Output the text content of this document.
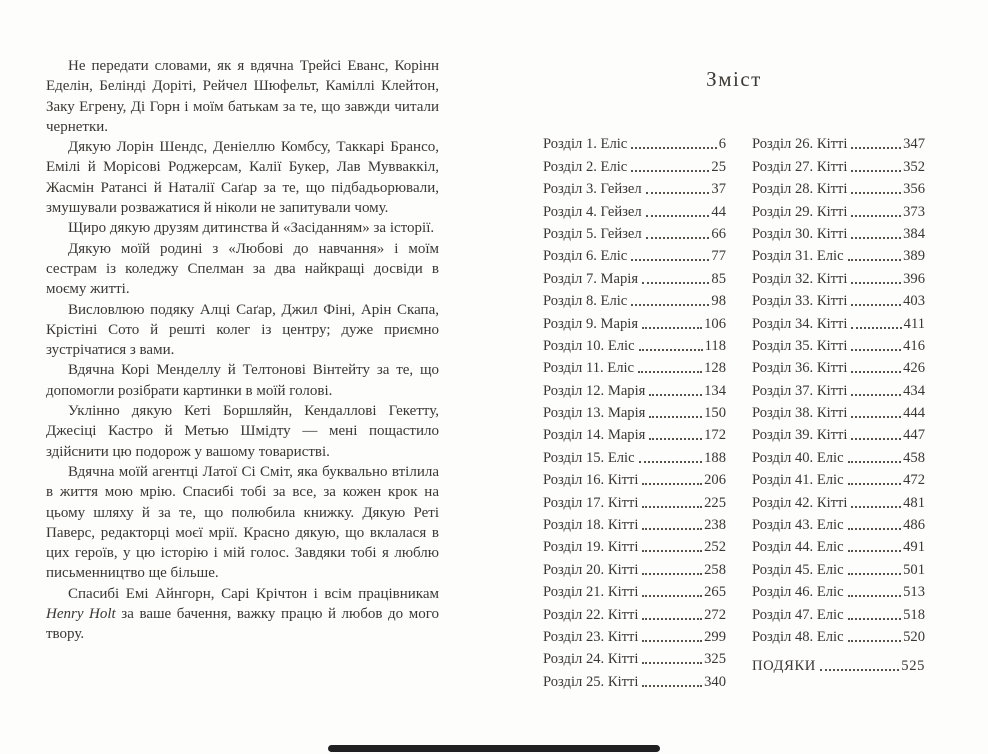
Не передати словами, як я вдячна Трейсі Еванс, Корінн Еделін, Белінді Доріті, Рейчел Шюфельт, Каміллі Клейтон, Заку Егрену, Ді Горн і моїм батькам за те, що завжди читали чернетки.

Дякую Лорін Шендс, Деніеллю Комбсу, Таккарі Брансо, Емілі й Морісові Роджерсам, Калії Букер, Лав Мувваккіл, Жасмін Ратансі й Наталії Саґар за те, що підбадьорювали, змушували розважатися й ніколи не запитували чому.

Щиро дякую друзям дитинства й «Засіданням» за історії.

Дякую моїй родині з «Любові до навчання» і моїм сестрам із коледжу Спелман за два найкращі досвіди в моєму житті.

Висловлюю подяку Алці Саґар, Джил Фіні, Арін Скапа, Крістіні Сото й решті колег із центру; дуже приємно зустрічатися з вами.

Вдячна Корі Менделлу й Телтонові Вінтейту за те, що допомогли розібрати картинки в моїй голові.

Уклінно дякую Кеті Боршляйн, Кендаллові Гекетту, Джесіці Кастро й Метью Шмідту — мені пощастило здійснити цю подорож у вашому товаристві.

Вдячна моїй агентці Латої Сі Сміт, яка буквально втілила в життя мою мрію. Спасибі тобі за все, за кожен крок на цьому шляху й за те, що полюбила книжку. Дякую Реті Паверс, редакторці моєї мрії. Красно дякую, що вклалася в цих героїв, у цю історію і мій голос. Завдяки тобі я люблю письменництво ще більше.

Спасибі Емі Айнгорн, Сарі Крічтон і всім працівникам Henry Holt за ваше бачення, важку працю й любов до мого твору.

Зміст
Розділ 1. Еліс	6
Розділ 2. Еліс	25
Розділ 3. Гейзел	37
Розділ 4. Гейзел	44
Розділ 5. Гейзел	66
Розділ 6. Еліс	77
Розділ 7. Марія	85
Розділ 8. Еліс	98
Розділ 9. Марія	106
Розділ 10. Еліс	118
Розділ 11. Еліс	128
Розділ 12. Марія	134
Розділ 13. Марія	150
Розділ 14. Марія	172
Розділ 15. Еліс	188
Розділ 16. Кітті	206
Розділ 17. Кітті	225
Розділ 18. Кітті	238
Розділ 19. Кітті	252
Розділ 20. Кітті	258
Розділ 21. Кітті	265
Розділ 22. Кітті	272
Розділ 23. Кітті	299
Розділ 24. Кітті	325
Розділ 25. Кітті	340
Розділ 26. Кітті	347
Розділ 27. Кітті	352
Розділ 28. Кітті	356
Розділ 29. Кітті	373
Розділ 30. Кітті	384
Розділ 31. Еліс	389
Розділ 32. Кітті	396
Розділ 33. Кітті	403
Розділ 34. Кітті	411
Розділ 35. Кітті	416
Розділ 36. Кітті	426
Розділ 37. Кітті	434
Розділ 38. Кітті	444
Розділ 39. Кітті	447
Розділ 40. Еліс	458
Розділ 41. Еліс	472
Розділ 42. Кітті	481
Розділ 43. Еліс	486
Розділ 44. Еліс	491
Розділ 45. Еліс	501
Розділ 46. Еліс	513
Розділ 47. Еліс	518
Розділ 48. Еліс	520
ПОДЯКИ	525
